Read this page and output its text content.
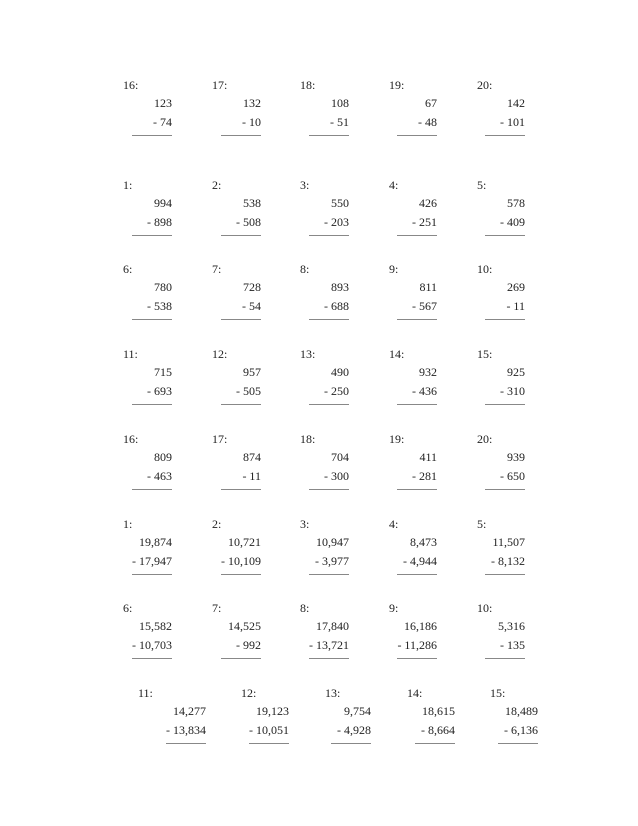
16:
123
- 74
17:
132
- 10
18:
108
- 51
19:
67
- 48
20:
142
- 101
1:
994
- 898
2:
538
- 508
3:
550
- 203
4:
426
- 251
5:
578
- 409
6:
780
- 538
7:
728
- 54
8:
893
- 688
9:
811
- 567
10:
269
- 11
11:
715
- 693
12:
957
- 505
13:
490
- 250
14:
932
- 436
15:
925
- 310
16:
809
- 463
17:
874
- 11
18:
704
- 300
19:
411
- 281
20:
939
- 650
1:
19,874
- 17,947
2:
10,721
- 10,109
3:
10,947
- 3,977
4:
8,473
- 4,944
5:
11,507
- 8,132
6:
15,582
- 10,703
7:
14,525
- 992
8:
17,840
- 13,721
9:
16,186
- 11,286
10:
5,316
- 135
11:
14,277
- 13,834
12:
19,123
- 10,051
13:
9,754
- 4,928
14:
18,615
- 8,664
15:
18,489
- 6,136
